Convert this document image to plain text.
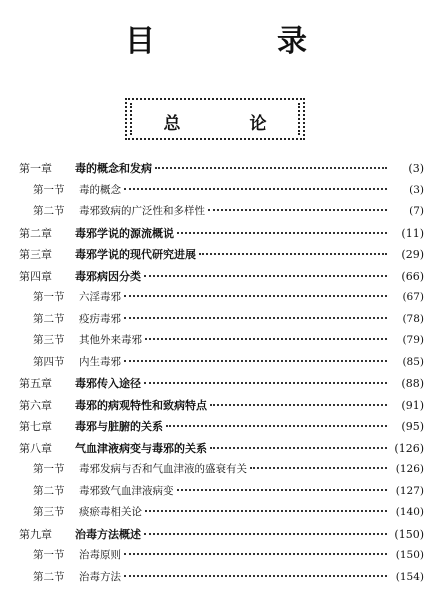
目　录
总　论
第一章	毒的概念和发病	(3)
第一节	毒的概念	(3)
第二节	毒邪致病的广泛性和多样性	(7)
第二章	毒邪学说的源流概说	(11)
第三章	毒邪学说的现代研究进展	(29)
第四章	毒邪病因分类	(66)
第一节	六淫毒邪	(67)
第二节	疫疠毒邪	(78)
第三节	其他外来毒邪	(79)
第四节	内生毒邪	(85)
第五章	毒邪传入途径	(88)
第六章	毒邪的病观特性和致病特点	(91)
第七章	毒邪与脏腑的关系	(95)
第八章	气血津液病变与毒邪的关系	(126)
第一节	毒邪发病与否和气血津液的盛衰有关	(126)
第二节	毒邪致气血津液病变	(127)
第三节	痰瘀毒相关论	(140)
第九章	治毒方法概述	(150)
第一节	治毒原则	(150)
第二节	治毒方法	(154)
